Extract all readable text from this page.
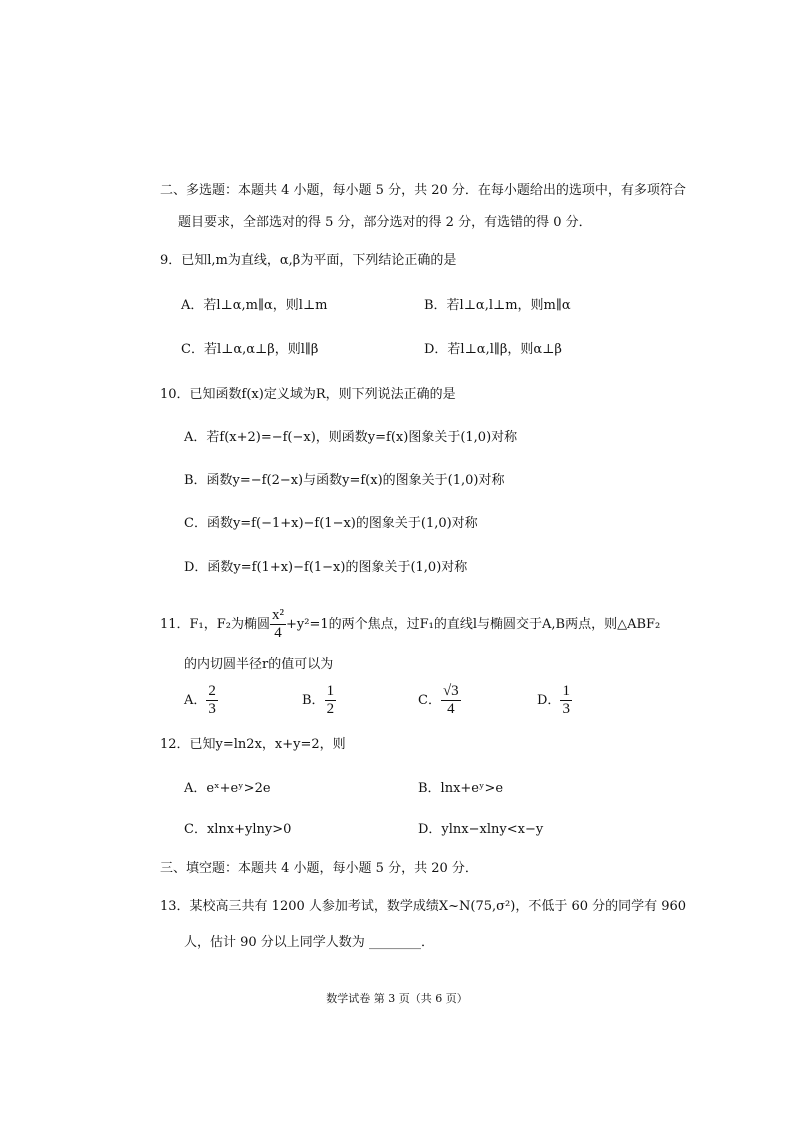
二、多选题：本题共 4 小题，每小题 5 分，共 20 分．在每小题给出的选项中，有多项符合
题目要求，全部选对的得 5 分，部分选对的得 2 分，有选错的得 0 分．
9．已知l,m为直线，α,β为平面，下列结论正确的是
A．若l⊥α,m∥α，则l⊥m	B．若l⊥α,l⊥m，则m∥α
C．若l⊥α,α⊥β，则l∥β	D．若l⊥α,l∥β，则α⊥β
10．已知函数f(x)定义域为R，则下列说法正确的是
A．若f(x+2)=−f(−x)，则函数y=f(x)图象关于(1,0)对称
B．函数y=−f(2−x)与函数y=f(x)的图象关于(1,0)对称
C．函数y=f(−1+x)−f(1−x)的图象关于(1,0)对称
D．函数y=f(1+x)−f(1−x)的图象关于(1,0)对称
11．F₁，F₂为椭圆 $\frac{\text{x²}}{4} +y^2=1$的两个焦点，过F₁的直线l与椭圆交于A,B两点，则△ABF₂
的内切圆半径r的值可以为
A． $\frac{2}{3}$	B． $\frac{1}{2}$	C． $\frac{√3}{4}$	D． $\frac{1}{3}$
12．已知y=ln2x，x+y=2，则
A．eˣ+eʸ>2e	B．lnx+eʸ>e
C．xlnx+ylny>0	D．ylnx−xlny<x−y
三、填空题：本题共 4 小题，每小题 5 分，共 20 分．
13．某校高三共有 1200 人参加考试，数学成绩X~N(75,σ²)，不低于 60 分的同学有 960
人，估计 90 分以上同学人数为 ________．
数学试卷 第 3 页（共 6 页）
